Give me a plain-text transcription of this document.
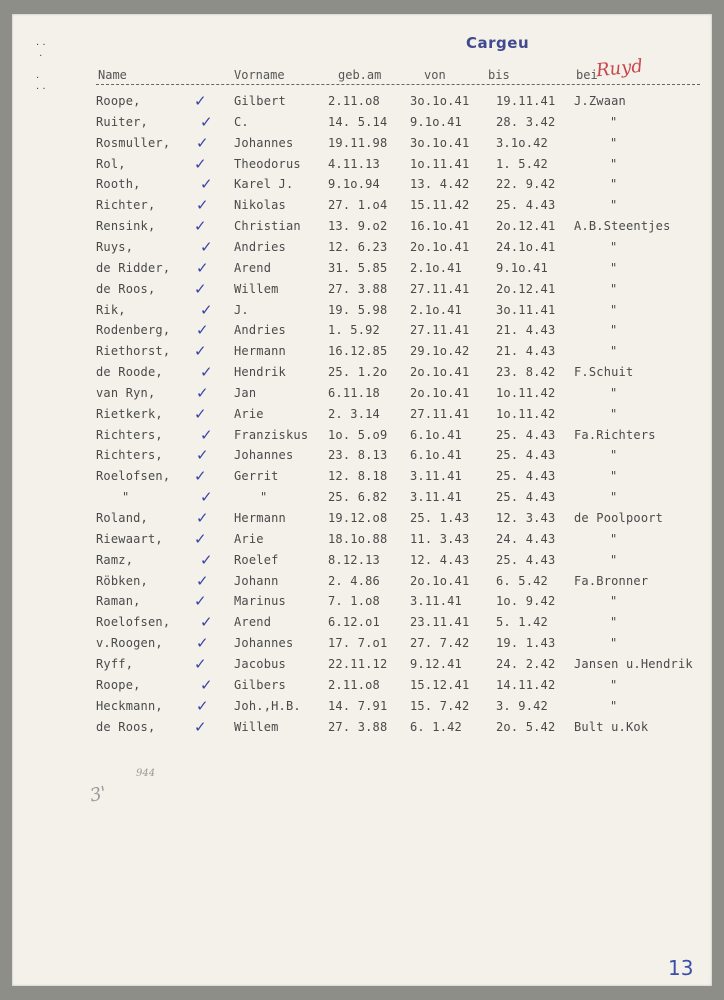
· ·
·

·
· ·
Cargeu
Ruyd
Name	Vorname	geb.am	von	bis	bei
Roope,	✓ Gilbert	2.11.o8	3o.1o.41 19.11.41 J.Zwaan
Ruiter,	✓ C.	14. 5.14 9.1o.41	28. 3.42	"
Rosmuller, ✓ Johannes	19.11.98 3o.1o.41 3.1o.42	"
Rol,	✓ Theodorus 4.11.13	1o.11.41 1. 5.42	"
Rooth,	✓ Karel J.	9.1o.94	13. 4.42 22. 9.42	"
Richter,	✓ Nikolas	27. 1.o4 15.11.42 25. 4.43	"
Rensink,	✓ Christian 13. 9.o2 16.1o.41 2o.12.41 A.B.Steentjes
Ruys,	✓ Andries	12. 6.23 2o.1o.41 24.1o.41	"
de Ridder, ✓ Arend	31. 5.85 2.1o.41	9.1o.41	"
de Roos,	✓ Willem	27. 3.88 27.11.41 2o.12.41	"
Rik,	✓ J.	19. 5.98 2.1o.41	3o.11.41	"
Rodenberg, ✓ Andries	1. 5.92	27.11.41 21. 4.43	"
Riethorst, ✓ Hermann	16.12.85 29.1o.42 21. 4.43	"
de Roode, ✓ Hendrik	25. 1.2o 2o.1o.41 23. 8.42 F.Schuit
van Ryn,	✓ Jan	6.11.18	2o.1o.41 1o.11.42	"
Rietkerk, ✓ Arie	2. 3.14	27.11.41 1o.11.42	"
Richters, ✓ Franziskus 1o. 5.o9 6.1o.41	25. 4.43 Fa.Richters
Richters, ✓ Johannes	23. 8.13 6.1o.41	25. 4.43	"
Roelofsen, ✓ Gerrit	12. 8.18 3.11.41	25. 4.43	"
"	✓	"	25. 6.82 3.11.41	25. 4.43	"
Roland,	✓ Hermann	19.12.o8 25. 1.43 12. 3.43 de Poolpoort
Riewaart, ✓ Arie	18.1o.88 11. 3.43 24. 4.43	"
Ramz,	✓ Roelef	8.12.13	12. 4.43 25. 4.43	"
Röbken,	✓ Johann	2. 4.86	2o.1o.41 6. 5.42 Fa.Bronner
Raman,	✓ Marinus	7. 1.o8	3.11.41	1o. 9.42	"
Roelofsen, ✓ Arend	6.12.o1	23.11.41 5. 1.42	"
v.Roogen, ✓ Johannes	17. 7.o1 27. 7.42 19. 1.43	"
Ryff,	✓ Jacobus	22.11.12 9.12.41	24. 2.42 Jansen u.Hendrik
Roope,	✓ Gilbers	2.11.o8	15.12.41 14.11.42	"
Heckmann, ✓ Joh.,H.B. 14. 7.91 15. 7.42 3. 9.42	"
de Roos,	✓ Willem	27. 3.88 6. 1.42	2o. 5.42 Bult u.Kok
3'
944
13
